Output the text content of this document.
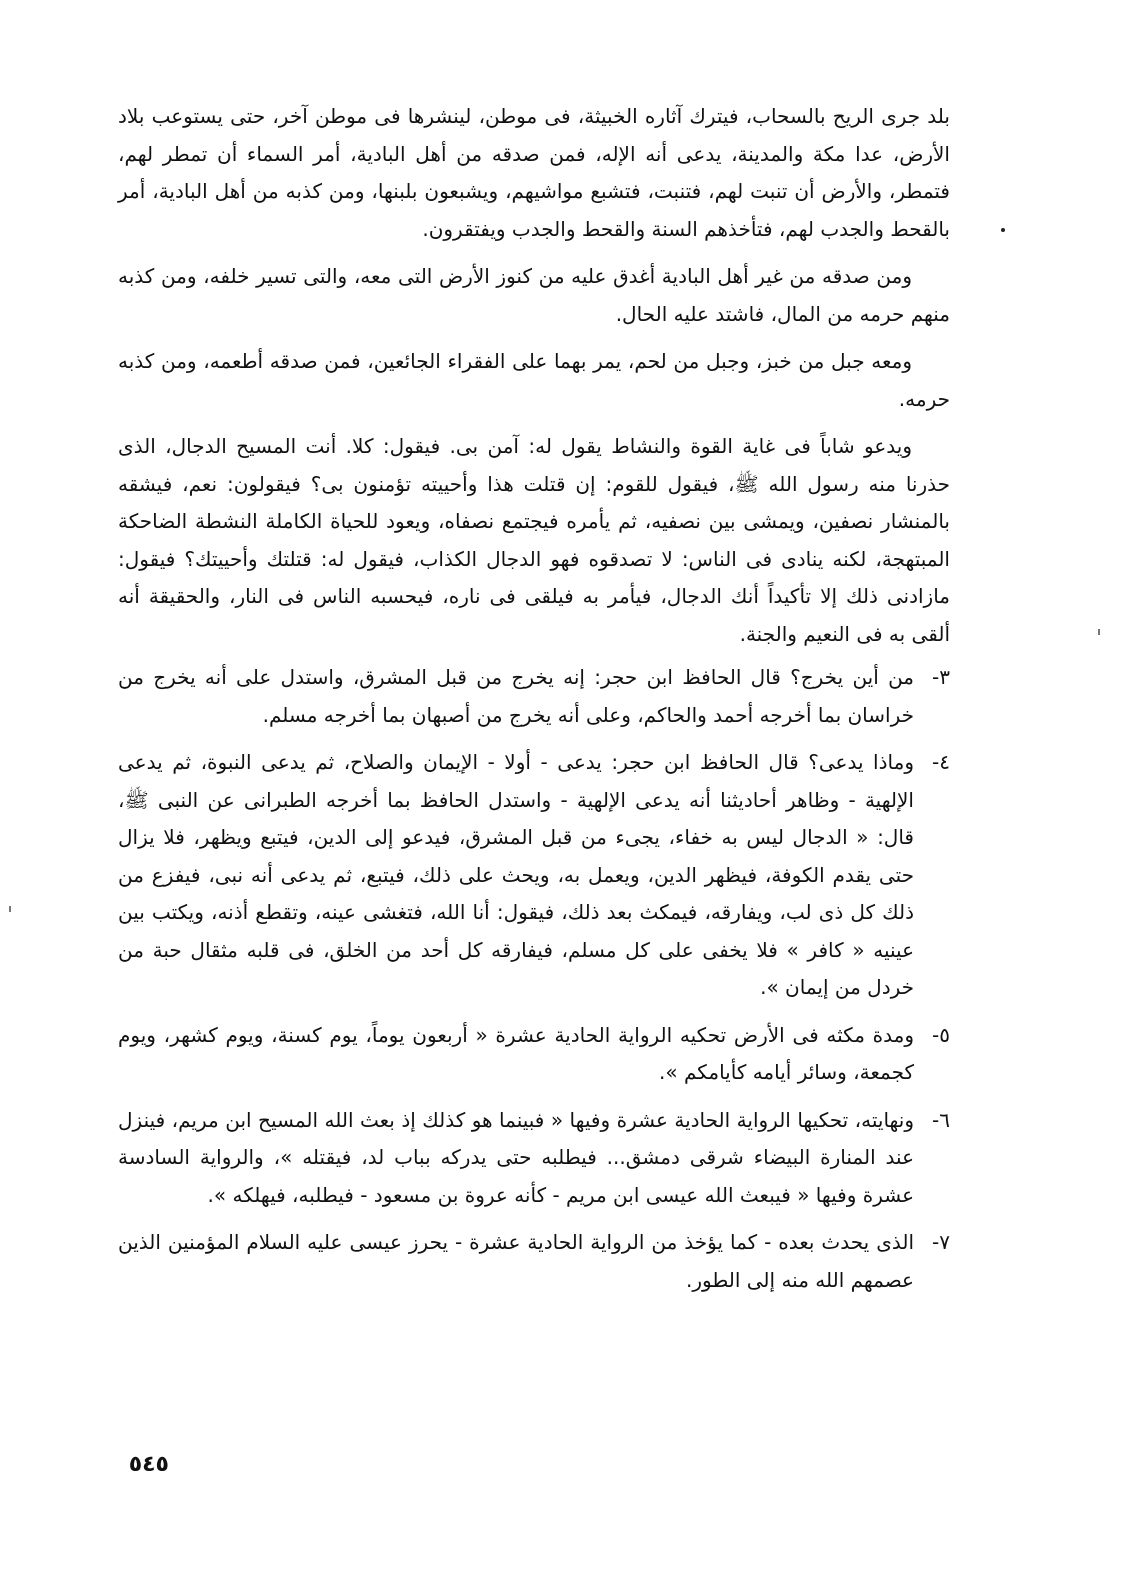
بلد جرى الريح بالسحاب، فيترك آثاره الخبيثة، فى موطن، لينشرها فى موطن آخر، حتى يستوعب بلاد الأرض، عدا مكة والمدينة، يدعى أنه الإله، فمن صدقه من أهل البادية، أمر السماء أن تمطر لهم، فتمطر، والأرض أن تنبت لهم، فتنبت، فتشبع مواشيهم، ويشبعون بلبنها، ومن كذبه من أهل البادية، أمر بالقحط والجدب لهم، فتأخذهم السنة والقحط والجدب ويفتقرون.

ومن صدقه من غير أهل البادية أغدق عليه من كنوز الأرض التى معه، والتى تسير خلفه، ومن كذبه منهم حرمه من المال، فاشتد عليه الحال.

ومعه جبل من خبز، وجبل من لحم، يمر بهما على الفقراء الجائعين، فمن صدقه أطعمه، ومن كذبه حرمه.

ويدعو شاباً فى غاية القوة والنشاط يقول له: آمن بى. فيقول: كلا. أنت المسيح الدجال، الذى حذرنا منه رسول الله ﷺ، فيقول للقوم: إن قتلت هذا وأحييته تؤمنون بى؟ فيقولون: نعم، فيشقه بالمنشار نصفين، ويمشى بين نصفيه، ثم يأمره فيجتمع نصفاه، ويعود للحياة الكاملة النشطة الضاحكة المبتهجة، لكنه ينادى فى الناس: لا تصدقوه فهو الدجال الكذاب، فيقول له: قتلتك وأحييتك؟ فيقول: مازادنى ذلك إلا تأكيداً أنك الدجال، فيأمر به فيلقى فى ناره، فيحسبه الناس فى النار، والحقيقة أنه ألقى به فى النعيم والجنة.

٣-

من أين يخرج؟ قال الحافظ ابن حجر: إنه يخرج من قبل المشرق، واستدل على أنه يخرج من خراسان بما أخرجه أحمد والحاكم، وعلى أنه يخرج من أصبهان بما أخرجه مسلم.

٤-

وماذا يدعى؟ قال الحافظ ابن حجر: يدعى - أولا - الإيمان والصلاح، ثم يدعى النبوة، ثم يدعى الإلهية - وظاهر أحاديثنا أنه يدعى الإلهية - واستدل الحافظ بما أخرجه الطبرانى عن النبى ﷺ، قال: « الدجال ليس به خفاء، يجىء من قبل المشرق، فيدعو إلى الدين، فيتبع ويظهر، فلا يزال حتى يقدم الكوفة، فيظهر الدين، ويعمل به، ويحث على ذلك، فيتبع، ثم يدعى أنه نبى، فيفزع من ذلك كل ذى لب، ويفارقه، فيمكث بعد ذلك، فيقول: أنا الله، فتغشى عينه، وتقطع أذنه، ويكتب بين عينيه « كافر » فلا يخفى على كل مسلم، فيفارقه كل أحد من الخلق، فى قلبه مثقال حبة من خردل من إيمان ».

٥-

ومدة مكثه فى الأرض تحكيه الرواية الحادية عشرة « أربعون يوماً، يوم كسنة، ويوم كشهر، ويوم كجمعة، وسائر أيامه كأيامكم ».

٦-

ونهايته، تحكيها الرواية الحادية عشرة وفيها « فبينما هو كذلك إذ بعث الله المسيح ابن مريم، فينزل عند المنارة البيضاء شرقى دمشق... فيطلبه حتى يدركه بباب لد، فيقتله »، والرواية السادسة عشرة وفيها « فيبعث الله عيسى ابن مريم - كأنه عروة بن مسعود - فيطلبه، فيهلكه ».

٧-

الذى يحدث بعده - كما يؤخذ من الرواية الحادية عشرة - يحرز عيسى عليه السلام المؤمنين الذين عصمهم الله منه إلى الطور.

٥٤٥
